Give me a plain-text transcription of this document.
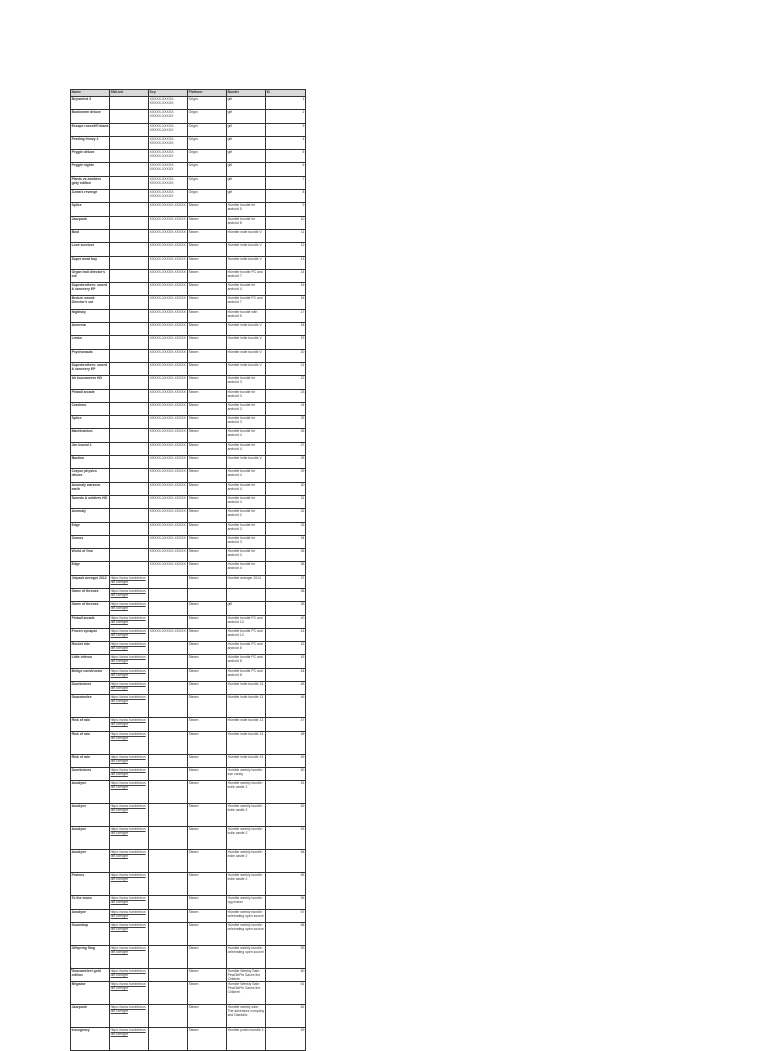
Name	SN/Link	Key	Platform	Bundle	ID
Bejeweled 3		XXXXX-XXXXX-XXXXX-XXXXX	Origin	gift	1
Bookworm deluxe		XXXXX-XXXXX-XXXXX-XXXXX	Origin	gift	2
Escape rosecliff island		XXXXX-XXXXX-XXXXX-XXXXX	Origin	gift	3
Feeding frenzy 2		XXXXX-XXXXX-XXXXX-XXXXX	Origin	gift	4
Peggle deluxe		XXXXX-XXXXX-XXXXX-XXXXX	Origin	gift	5
Peggle nights		XXXXX-XXXXX-XXXXX-XXXXX	Origin	gift	6
Plants vs zombies goty edition		XXXXX-XXXXX-XXXXX-XXXXX	Origin	gift	7
Zuma's revenge		XXXXX-XXXXX-XXXXX-XXXXX	Origin	gift	8
Splice		XXXXX-XXXXX-XXXXX	Steam	Humble bundle for android 5	9
Jazzpunk		XXXXX-XXXXX-XXXXX	Steam	Humble bundle for android 8	10
Boid		XXXXX-XXXXX-XXXXX	Steam	Humble indie bundle V	11
Lone survivor		XXXXX-XXXXX-XXXXX	Steam	Humble indie bundle V	12
Super meat boy		XXXXX-XXXXX-XXXXX	Steam	Humble indie bundle V	13
Organ trail director's cut		XXXXX-XXXXX-XXXXX	Steam	Humble bundle PC and android 7	14
Superbrothers: sword & sworcery EP		XXXXX-XXXXX-XXXXX	Steam	Humble bundle for android 4	15
Broken sword: Director's cut		XXXXX-XXXXX-XXXXX	Steam	Humble bundle PC and android 7	16
Nightsky		XXXXX-XXXXX-XXXXX	Steam	Humble bundle with android 5	17
Amnesia		XXXXX-XXXXX-XXXXX	Steam	Humble indie bundle V	18
Limbo		XXXXX-XXXXX-XXXXX	Steam	Humble indie bundle V	19
Psychonauts		XXXXX-XXXXX-XXXXX	Steam	Humble indie bundle V	20
Superbrothers: sword & sworcery EP		XXXXX-XXXXX-XXXXX	Steam	Humble indie bundle V	21
Air buccaneers HD		XXXXX-XXXXX-XXXXX	Steam	Humble bundle for android 3	22
Pinball arcade		XXXXX-XXXXX-XXXXX	Steam	Humble bundle for android 3	23
Crashmo		XXXXX-XXXXX-XXXXX	Steam	Humble bundle for android 3	24
Splice		XXXXX-XXXXX-XXXXX	Steam	Humble bundle for android 3	25
Machinarium		XXXXX-XXXXX-XXXXX	Steam	Humble bundle for android 4	26
Jim bound 2		XXXXX-XXXXX-XXXXX	Steam	Humble bundle for android 4	27
Bastion		XXXXX-XXXXX-XXXXX	Steam	Humble indie bundle V	28
Crayon physics deluxe		XXXXX-XXXXX-XXXXX	Steam	Humble bundle for android 4	29
Anomaly warzone earth		XXXXX-XXXXX-XXXXX	Steam	Humble bundle for android 4	30
Swords & soldiers HD		XXXXX-XXXXX-XXXXX	Steam	Humble bundle for android 4	31
Anomaly		XXXXX-XXXXX-XXXXX	Steam	Humble bundle for android 2	32
Edge		XXXXX-XXXXX-XXXXX	Steam	Humble bundle for android 3	33
Osmos		XXXXX-XXXXX-XXXXX	Steam	Humble bundle for android 3	34
World of Goo		XXXXX-XXXXX-XXXXX	Steam	Humble bundle for android 3	35
Edge		XXXXX-XXXXX-XXXXX	Steam	Humble bundle for android 4	36
Jetpack avenger 2012	https://www.humblebundle.com/gift		Steam	Humble avenger 2014	37
Game of thrones	https://www.humblebundle.com/gift				38
Game of thrones	https://www.humblebundle.com/gift		Steam	gift	39
Pinball arcade	https://www.humblebundle.com/gift		Steam	Humble bundle PC and android 13	40
Frozen synapse	https://www.humblebundle.com/gift	XXXXX-XXXXX-XXXXX	Steam	Humble bundle PC and android 13	41
Rocket ride	https://www.humblebundle.com/gift		Steam	Humble bundle PC and android 8	42
Little inferno	https://www.humblebundle.com/gift		Steam	Humble bundle PC and android 8	43
Bridge constructor	https://www.humblebundle.com/gift		Steam	Humble bundle PC and android 8	44
Doorkickers	https://www.humblebundle.com/gift		Steam	Humble indie bundle 13	45
Guacamelee	https://www.humblebundle.com/gift		Steam	Humble indie bundle 13	46
Risk of rain	https://www.humblebundle.com/gift		Steam	Humble indie bundle 13	47
Risk of rain	https://www.humblebundle.com/gift		Steam	Humble indie bundle 13	48
Risk of rain	https://www.humblebundle.com/gift		Steam	Humble indie bundle 13	49
Doorkickers	https://www.humblebundle.com/gift		Steam	Humble weekly bundle: eye candy	50
Anodyne	https://www.humblebundle.com/gift		Steam	Humble weekly bundle: indie castle 2	51
Anodyne	https://www.humblebundle.com/gift		Steam	Humble weekly bundle: indie castle 2	52
Anodyne	https://www.humblebundle.com/gift		Steam	Humble weekly bundle: indie castle 2	53
Anodyne	https://www.humblebundle.com/gift		Steam	Humble weekly bundle: indie castle 2	54
Proteus	https://www.humblebundle.com/gift		Steam	Humble weekly bundle: indie castle 2	55
To the moon	https://www.humblebundle.com/gift		Steam	Humble weekly bundle: rpg maker	56
Anodyne	https://www.humblebundle.com/gift		Steam	Humble weekly bundle: celebrating open source	57
Snowdrop	https://www.humblebundle.com/gift		Steam	Humble weekly bundle: celebrating open source	58
Offspring fling	https://www.humblebundle.com/gift		Steam	Humble weekly bundle: celebrating open source	59
Guacamelee! gold edition	https://www.humblebundle.com/gift		Steam	Humble Weekly Sale: PewDiePie Saves the Children	60
Brigador	https://www.humblebundle.com/gift		Steam	Humble Weekly Sale: PewDiePie Saves the Children	61
Jazzpunk	https://www.humblebundle.com/gift		Steam	Humble weekly sale: The adventure company and Daedalic	62
Insurgency	https://www.humblebundle.com/gift		Steam	Humble jumbo bundle 3	63
1
